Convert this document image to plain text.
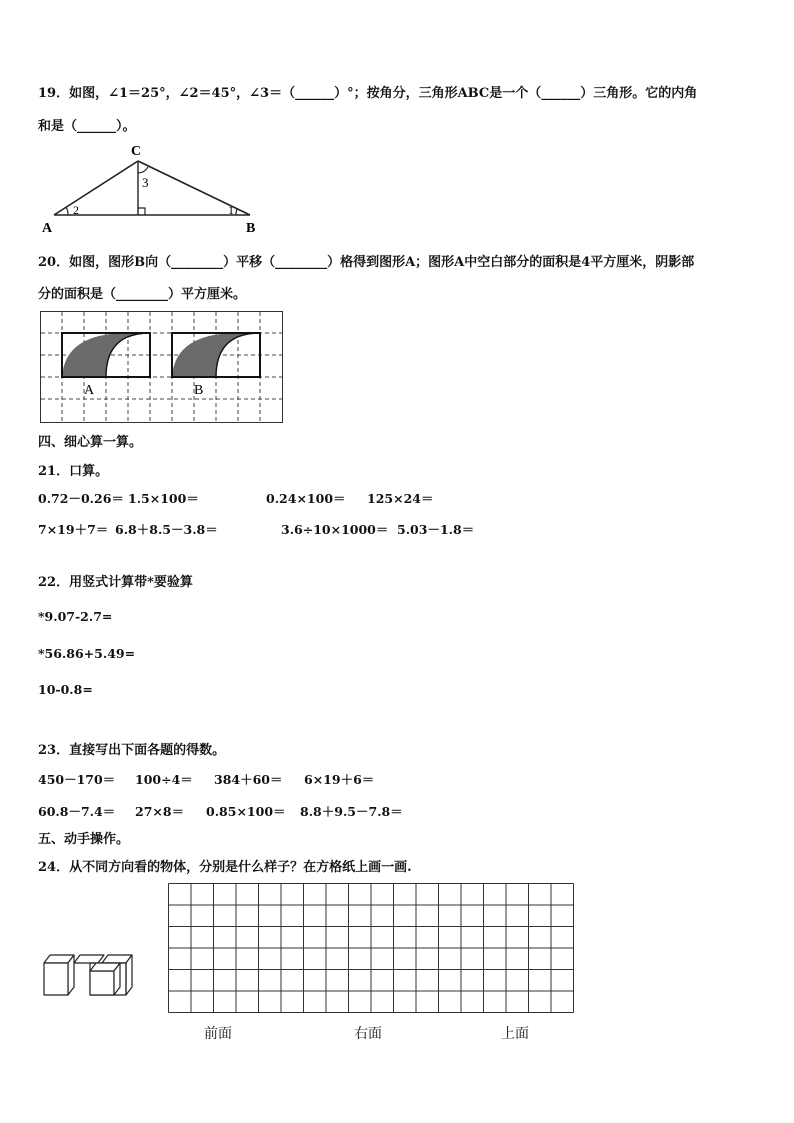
19．如图，∠1＝25°，∠2＝45°，∠3＝（______）°；按角分，三角形ABC是一个（______）三角形。它的内角
和是（______）。
C
A	B
2	1
3
20．如图，图形B向（________）平移（________）格得到图形A；图形A中空白部分的面积是4平方厘米，阴影部
分的面积是（________）平方厘米。
A	B
四、细心算一算。
21．口算。
0.72－0.26＝ 1.5×100＝	0.24×100＝ 125×24＝
7×19＋7＝ 6.8＋8.5－3.8＝	3.6÷10×1000＝ 5.03－1.8＝
22．用竖式计算带*要验算
*9.07-2.7=
*56.86+5.49=
10-0.8=
23．直接写出下面各题的得数。
450－170＝ 100÷4＝ 384＋60＝ 6×19＋6＝
60.8－7.4＝ 27×8＝ 0.85×100＝ 8.8＋9.5－7.8＝
五、动手操作。
24．从不同方向看的物体，分别是什么样子？在方格纸上画一画.
前面	右面	上面
